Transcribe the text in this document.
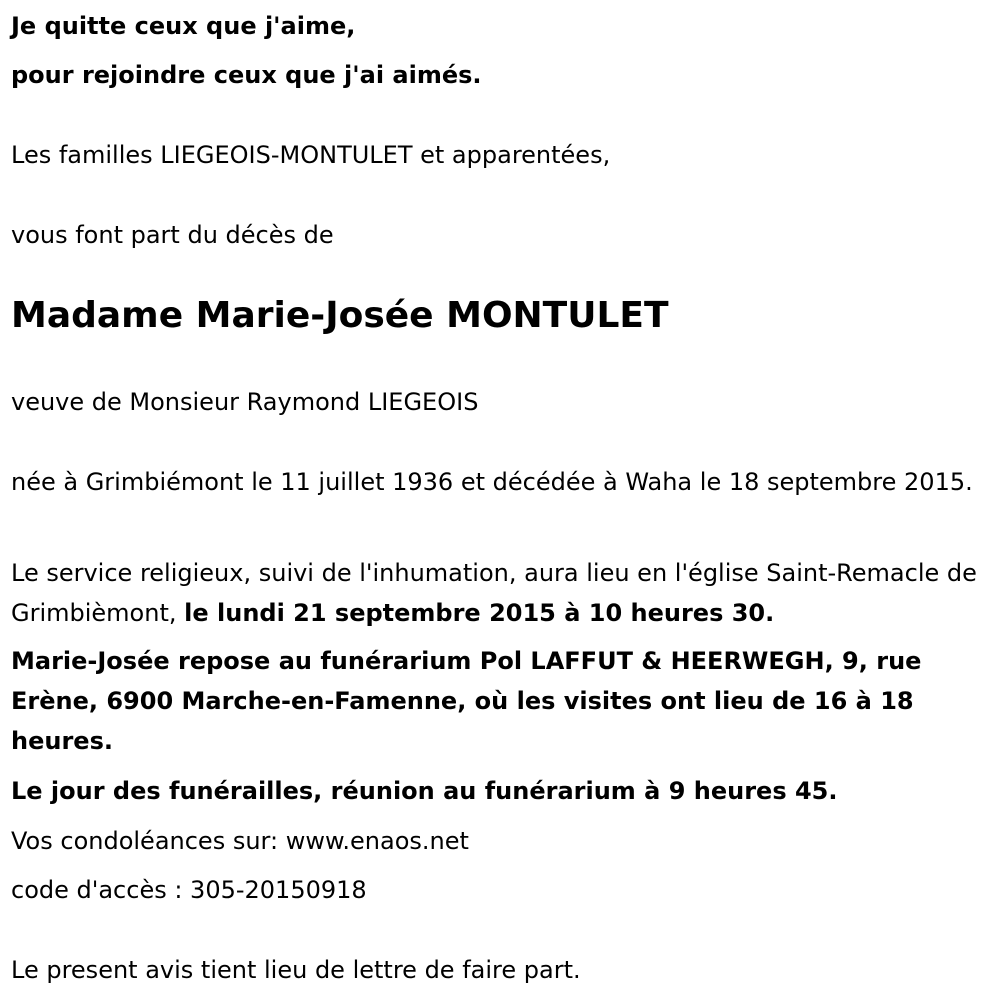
Je quitte ceux que j'aime,

pour rejoindre ceux que j'ai aimés.

Les familles LIEGEOIS-MONTULET et apparentées,

vous font part du décès de

Madame Marie-Josée MONTULET

veuve de Monsieur Raymond LIEGEOIS

née à Grimbiémont le 11 juillet 1936 et décédée à Waha le 18 septembre 2015.

Le service religieux, suivi de l'inhumation, aura lieu en l'église Saint-Remacle de Grimbièmont, le lundi 21 septembre 2015 à 10 heures 30.

Marie-Josée repose au funérarium Pol LAFFUT & HEERWEGH, 9, rue Erène, 6900 Marche-en-Famenne, où les visites ont lieu de 16 à 18 heures.

Le jour des funérailles, réunion au funérarium à 9 heures 45.

Vos condoléances sur: www.enaos.net

code d'accès : 305-20150918

Le present avis tient lieu de lettre de faire part.
